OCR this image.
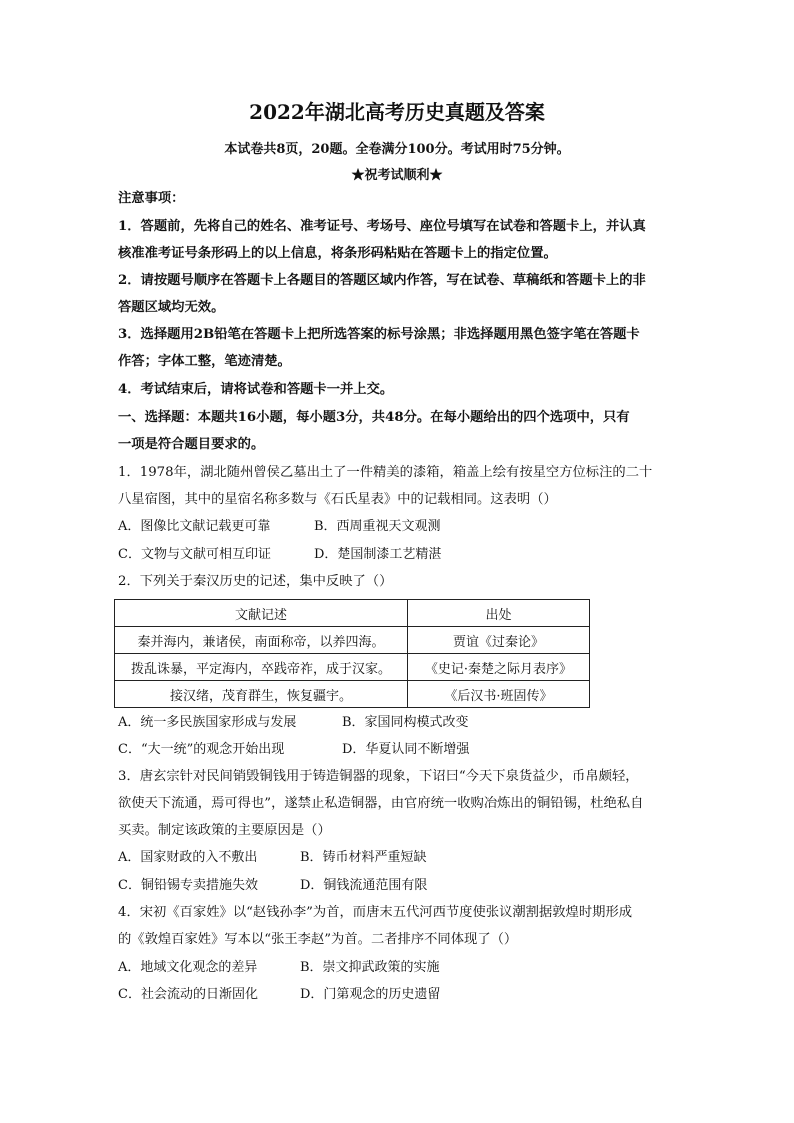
2022年湖北高考历史真题及答案
本试卷共8页，20题。全卷满分100分。考试用时75分钟。
★祝考试顺利★
注意事项：
1．答题前，先将自己的姓名、准考证号、考场号、座位号填写在试卷和答题卡上，并认真
核准准考证号条形码上的以上信息，将条形码粘贴在答题卡上的指定位置。
2．请按题号顺序在答题卡上各题目的答题区域内作答，写在试卷、草稿纸和答题卡上的非
答题区域均无效。
3．选择题用2B铅笔在答题卡上把所选答案的标号涂黑；非选择题用黑色签字笔在答题卡
作答；字体工整，笔迹清楚。
4．考试结束后，请将试卷和答题卡一并上交。
一、选择题：本题共16小题，每小题3分，共48分。在每小题给出的四个选项中，只有
一项是符合题目要求的。
1．1978年，湖北随州曾侯乙墓出土了一件精美的漆箱，箱盖上绘有按星空方位标注的二十
八星宿图，其中的星宿名称多数与《石氏星表》中的记载相同。这表明（）
A．图像比文献记载更可靠	B．西周重视天文观测
C．文物与文献可相互印证	D．楚国制漆工艺精湛
2．下列关于秦汉历史的记述，集中反映了（）
文献记述	出处
秦并海内，兼诸侯，南面称帝，以养四海。	贾谊《过秦论》
拨乱诛暴，平定海内，卒践帝祚，成于汉家。	《史记·秦楚之际月表序》
接汉绪，茂育群生，恢复疆宇。	《后汉书·班固传》
A．统一多民族国家形成与发展	B．家国同构模式改变
C．“大一统”的观念开始出现	D．华夏认同不断增强
3．唐玄宗针对民间销毁铜钱用于铸造铜器的现象，下诏曰“今天下泉货益少，币帛颇轻，
欲使天下流通，焉可得也”，遂禁止私造铜器，由官府统一收购冶炼出的铜铅锡，杜绝私自
买卖。制定该政策的主要原因是（）
A．国家财政的入不敷出	B．铸币材料严重短缺
C．铜铅锡专卖措施失效	D．铜钱流通范围有限
4．宋初《百家姓》以“赵钱孙李”为首，而唐末五代河西节度使张议潮割据敦煌时期形成
的《敦煌百家姓》写本以“张王李赵”为首。二者排序不同体现了（）
A．地域文化观念的差异	B．崇文抑武政策的实施
C．社会流动的日渐固化	D．门第观念的历史遗留
